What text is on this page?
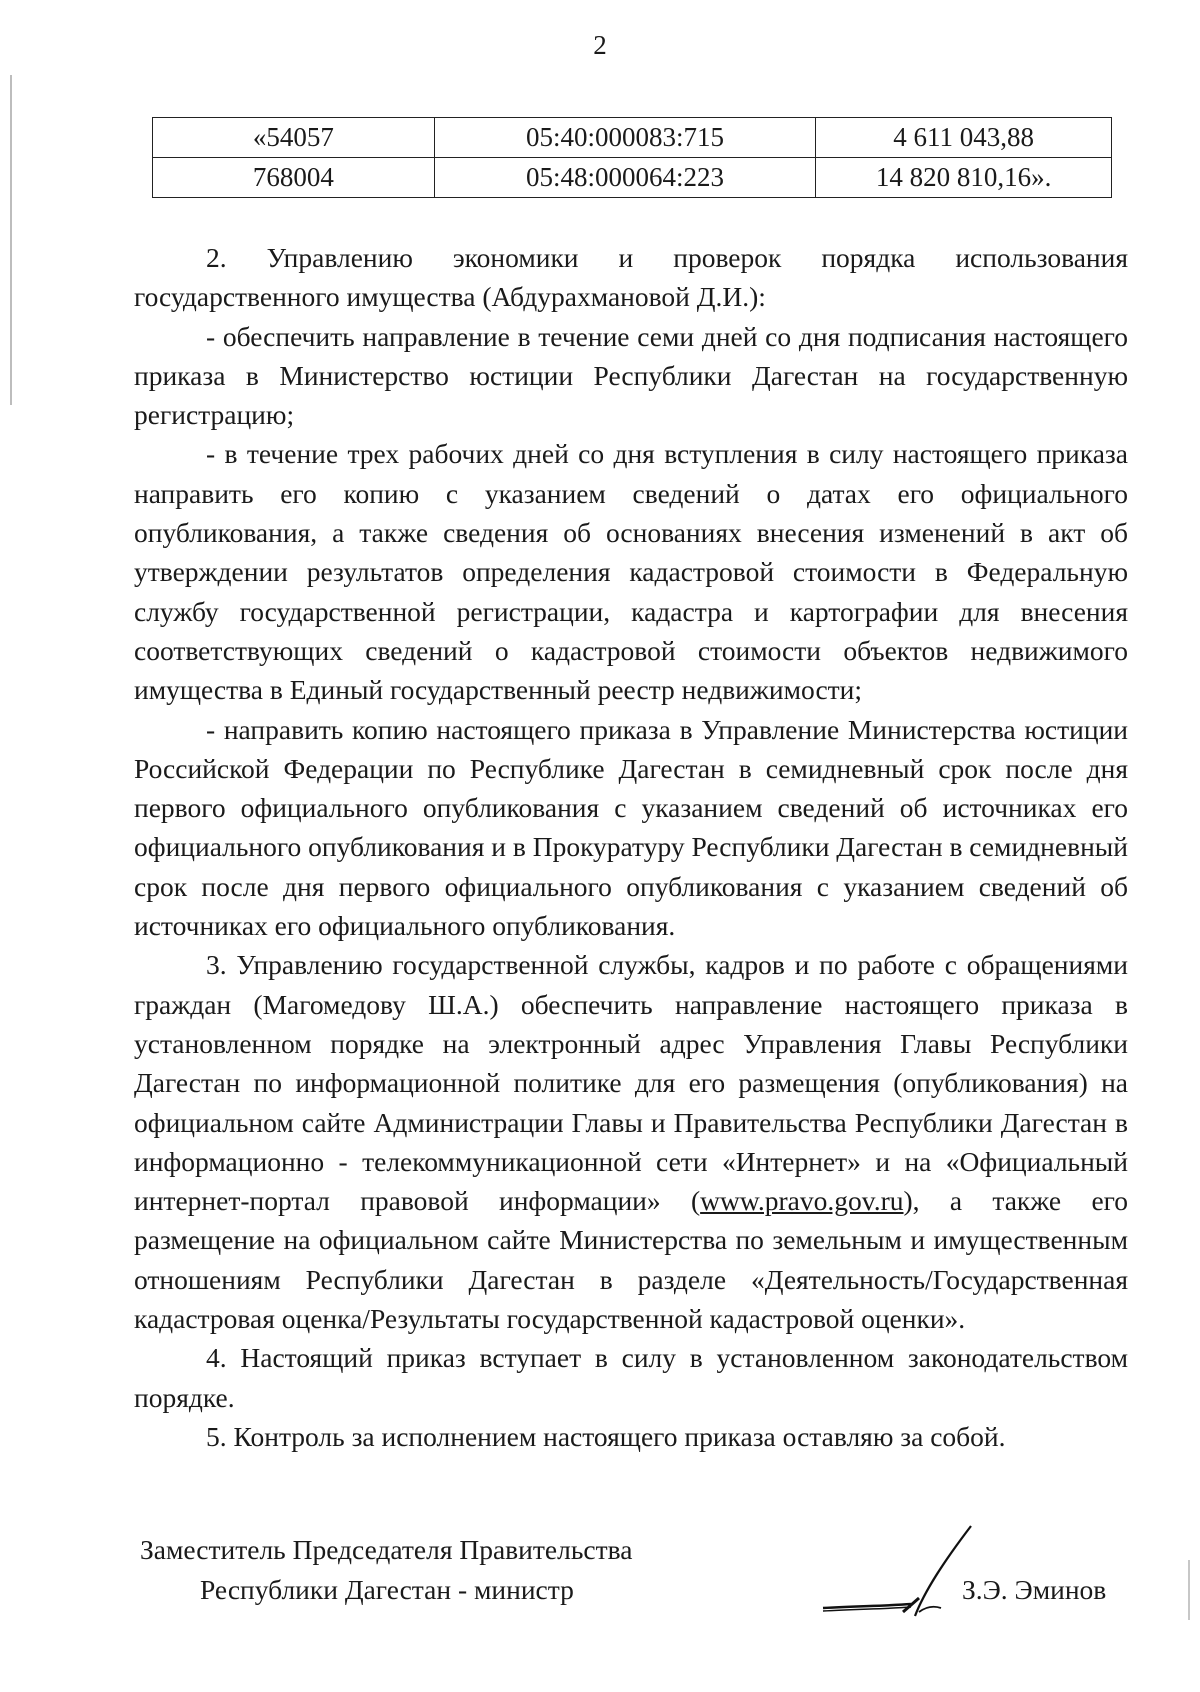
2
«54057	05:40:000083:715	4 611 043,88
768004	05:48:000064:223	14 820 810,16».

2. Управлению экономики и проверок порядка использования государственного имущества (Абдурахмановой Д.И.):

- обеспечить направление в течение семи дней со дня подписания настоящего приказа в Министерство юстиции Республики Дагестан на государственную регистрацию;

- в течение трех рабочих дней со дня вступления в силу настоящего приказа направить его копию с указанием сведений о датах его официального опубликования, а также сведения об основаниях внесения изменений в акт об утверждении результатов определения кадастровой стоимости в Федеральную службу государственной регистрации, кадастра и картографии для внесения соответствующих сведений о кадастровой стоимости объектов недвижимого имущества в Единый государственный реестр недвижимости;

- направить копию настоящего приказа в Управление Министерства юстиции Российской Федерации по Республике Дагестан в семидневный срок после дня первого официального опубликования с указанием сведений об источниках его официального опубликования и в Прокуратуру Республики Дагестан в семидневный срок после дня первого официального опубликования с указанием сведений об источниках его официального опубликования.

3. Управлению государственной службы, кадров и по работе с обращениями граждан (Магомедову Ш.А.) обеспечить направление настоящего приказа в установленном порядке на электронный адрес Управления Главы Республики Дагестан по информационной политике для его размещения (опубликования) на официальном сайте Администрации Главы и Правительства Республики Дагестан в информационно - телекоммуникационной сети «Интернет» и на «Официальный интернет-портал правовой информации» (www.pravo.gov.ru), а также его размещение на официальном сайте Министерства по земельным и имущественным отношениям Республики Дагестан в разделе «Деятельность/Государственная кадастровая оценка/Результаты государственной кадастровой оценки».

4. Настоящий приказ вступает в силу в установленном законодательством порядке.

5. Контроль за исполнением настоящего приказа оставляю за собой.

Заместитель Председателя Правительства
Республики Дагестан - министр	З.Э. Эминов
